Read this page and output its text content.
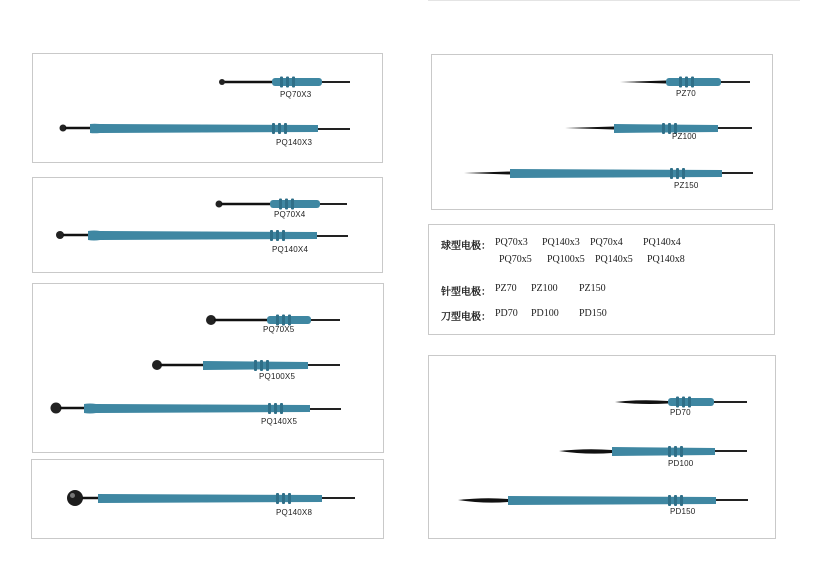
PQ70X3
PQ140X3
PQ70X4
PQ140X4
PQ70X5
PQ100X5
PQ140X5
PQ140X8
PZ70
PZ100
PZ150
PD70
PD100
PD150
球型电极： PQ70x3 PQ140x3 PQ70x4 PQ140x4
PQ70x5 PQ100x5 PQ140x5 PQ140x8
针型电极： PZ70 PZ100 PZ150
刀型电极： PD70 PD100 PD150
